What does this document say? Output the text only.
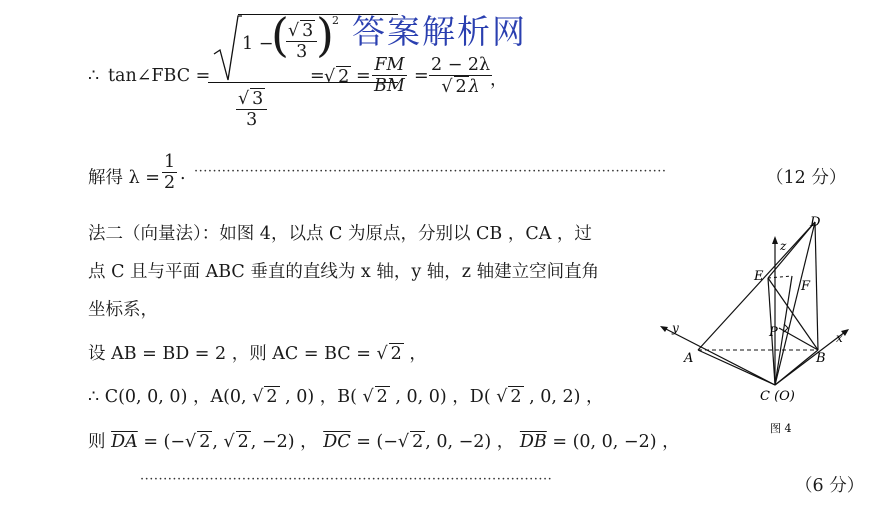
答案解析网
∴ tan∠FBC =
1 −
(
$\frac{√ 3}{3}$
)
2
$\frac{√ 3}{3}$
= √ $2 = \frac{FM}{BM} = \frac{2 - 2\lambda}{√ 2 \lambda}$
，
解得 $\lambda = \frac{1}{2}$ . ······································································································	（12 分）
法二（向量法）：如图 4，以点 C 为原点，分别以 CB ，CA ，过
点 C 且与平面 ABC 垂直的直线为 x 轴，y 轴，z 轴建立空间直角
坐标系，
设 AB = BD = 2 ，则 AC = BC = √ 2 ，
∴ C(0, 0, 0) ，A(0, √ 2 , 0) ，B( √ 2 , 0, 0) ，D( √ 2 , 0, 2) ，
则 $\overline{DA}$ = (−√ 2 , √ 2 , −2) ， $\overline{DC}$ = (−√ 2 , 0, −2) ， $\overline{DB} = (0$, 0, −2) ，
·························································································	（6 分）
D
z
E
F
P
y
A	B
x
C (O)
图 4
